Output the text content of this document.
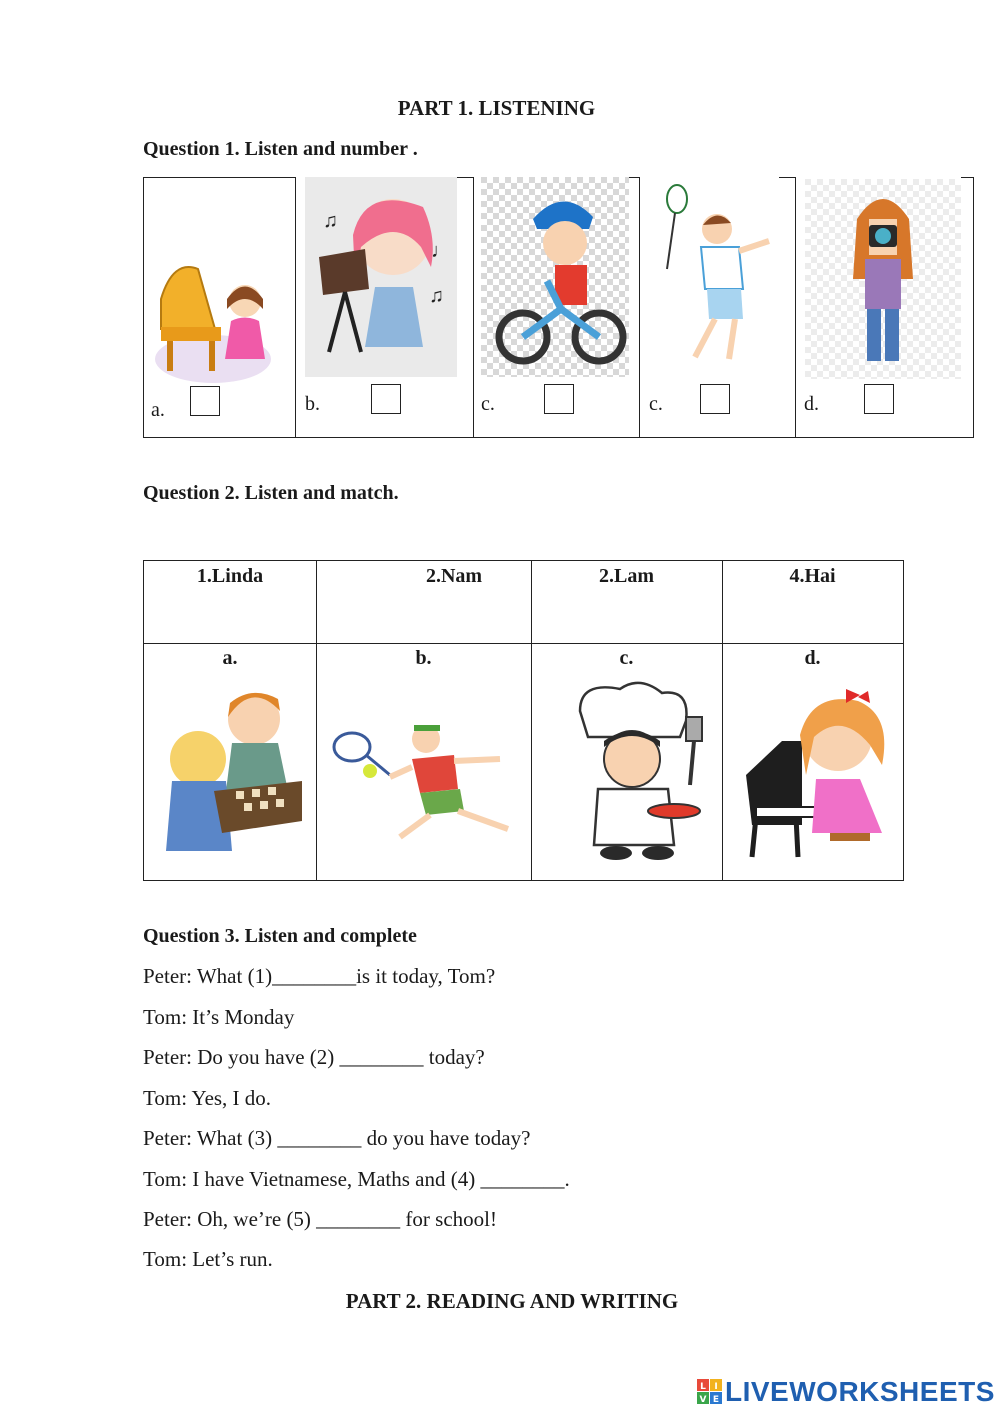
PART 1. LISTENING
Question 1. Listen and number .
a.
♫
♩
♫
b.	c.	c.	d.
Question 2. Listen and match.
1.Linda	2.Nam	2.Lam	4.Hai
a.	b.	c.	d.
Question 3. Listen and complete
Peter: What (1)________is it today, Tom?
Tom: It’s Monday
Peter: Do you have (2) ________ today?
Tom: Yes, I do.
Peter: What (3) ________ do you have today?
Tom: I have Vietnamese, Maths and (4) ________.
Peter: Oh, we’re (5) ________ for school!
Tom: Let’s run.
PART 2. READING AND WRITING
L I
V E LIVEWORKSHEETS
